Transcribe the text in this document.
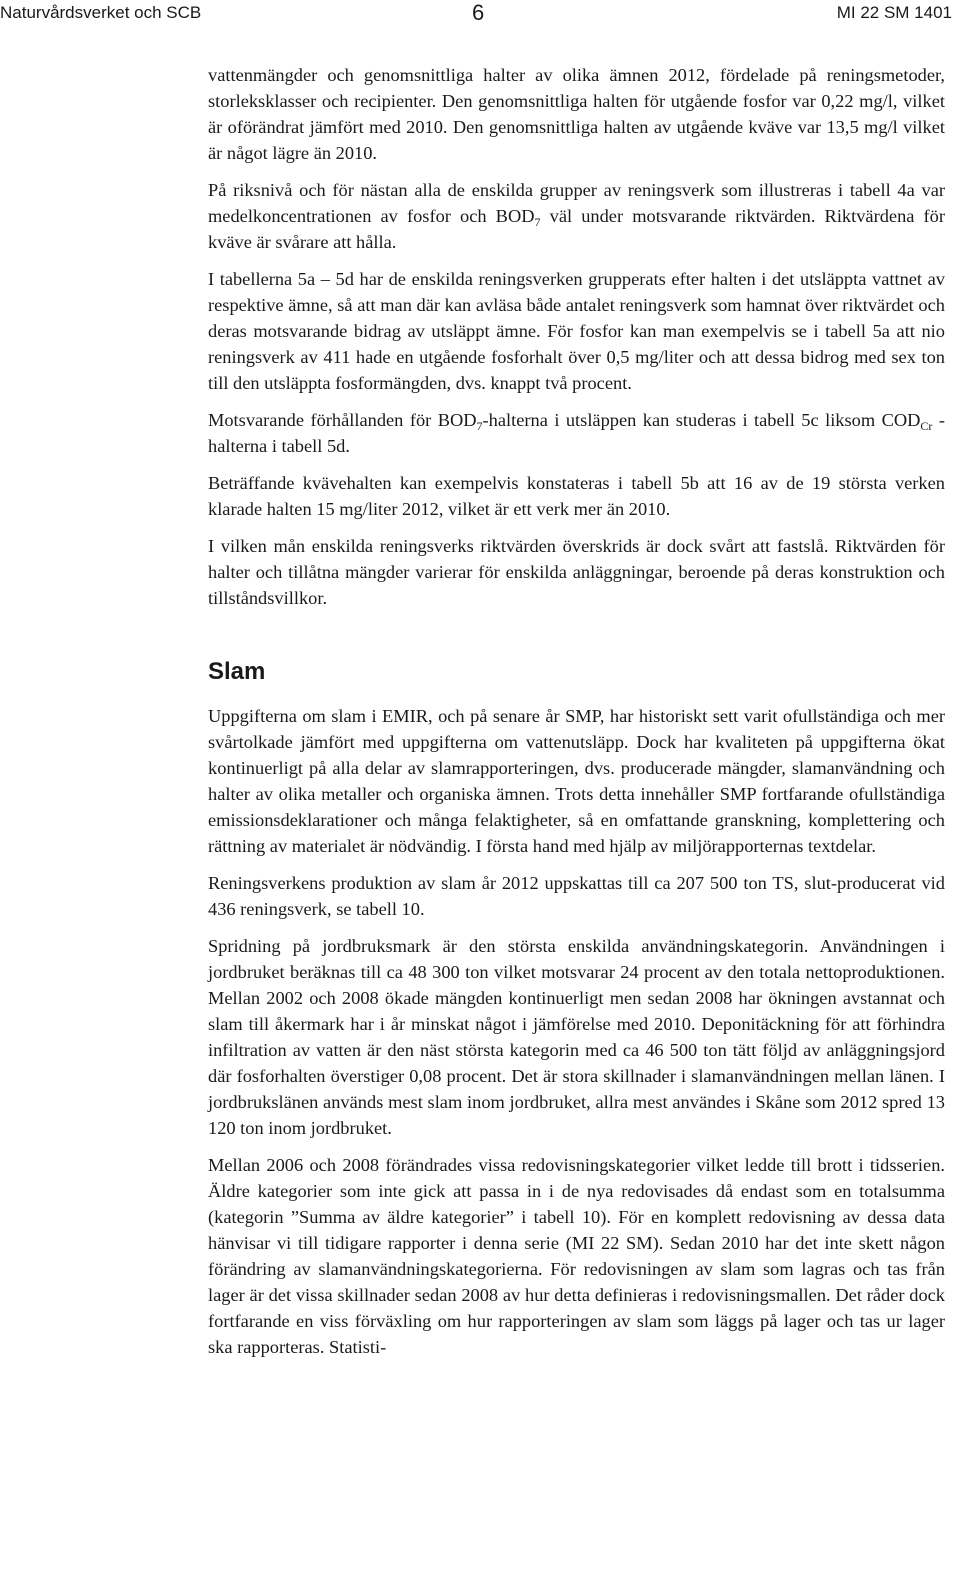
Naturvårdsverket och SCB	6	MI 22 SM 1401

vattenmängder och genomsnittliga halter av olika ämnen 2012, fördelade på reningsmetoder, storleksklasser och recipienter. Den genomsnittliga halten för utgående fosfor var 0,22 mg/l, vilket är oförändrat jämfört med 2010. Den genomsnittliga halten av utgående kväve var 13,5 mg/l vilket är något lägre än 2010.

På riksnivå och för nästan alla de enskilda grupper av reningsverk som illustreras i tabell 4a var medelkoncentrationen av fosfor och $BOD_7$ väl under motsvarande riktvärden. Riktvärdena för kväve är svårare att hålla.

I tabellerna 5a – 5d har de enskilda reningsverken grupperats efter halten i det utsläppta vattnet av respektive ämne, så att man där kan avläsa både antalet reningsverk som hamnat över riktvärdet och deras motsvarande bidrag av utsläppt ämne. För fosfor kan man exempelvis se i tabell 5a att nio reningsverk av 411 hade en utgående fosforhalt över 0,5 mg/liter och att dessa bidrog med sex ton till den utsläppta fosformängden, dvs. knappt två procent.

Motsvarande förhållanden för $BOD_7$-halterna i utsläppen kan studeras i tabell 5c liksom $COD_{Cr}$ -halterna i tabell 5d.

Beträffande kvävehalten kan exempelvis konstateras i tabell 5b att 16 av de 19 största verken klarade halten 15 mg/liter 2012, vilket är ett verk mer än 2010.

I vilken mån enskilda reningsverks riktvärden överskrids är dock svårt att fastslå. Riktvärden för halter och tillåtna mängder varierar för enskilda anläggningar, beroende på deras konstruktion och tillståndsvillkor.

Slam

Uppgifterna om slam i EMIR, och på senare år SMP, har historiskt sett varit ofullständiga och mer svårtolkade jämfört med uppgifterna om vattenutsläpp. Dock har kvaliteten på uppgifterna ökat kontinuerligt på alla delar av slamrapporteringen, dvs. producerade mängder, slamanvändning och halter av olika metaller och organiska ämnen. Trots detta innehåller SMP fortfarande ofullständiga emissionsdeklarationer och många felaktigheter, så en omfattande granskning, komplettering och rättning av materialet är nödvändig. I första hand med hjälp av miljörapporternas textdelar.

Reningsverkens produktion av slam år 2012 uppskattas till ca 207 500 ton TS, slut-producerat vid 436 reningsverk, se tabell 10.

Spridning på jordbruksmark är den största enskilda användningskategorin. Användningen i jordbruket beräknas till ca 48 300 ton vilket motsvarar 24 procent av den totala nettoproduktionen. Mellan 2002 och 2008 ökade mängden kontinuerligt men sedan 2008 har ökningen avstannat och slam till åkermark har i år minskat något i jämförelse med 2010. Deponitäckning för att förhindra infiltration av vatten är den näst största kategorin med ca 46 500 ton tätt följd av anläggningsjord där fosforhalten överstiger 0,08 procent. Det är stora skillnader i slamanvändningen mellan länen. I jordbrukslänen används mest slam inom jordbruket, allra mest användes i Skåne som 2012 spred 13 120 ton inom jordbruket.

Mellan 2006 och 2008 förändrades vissa redovisningskategorier vilket ledde till brott i tidsserien. Äldre kategorier som inte gick att passa in i de nya redovisades då endast som en totalsumma (kategorin ”Summa av äldre kategorier” i tabell 10). För en komplett redovisning av dessa data hänvisar vi till tidigare rapporter i denna serie (MI 22 SM). Sedan 2010 har det inte skett någon förändring av slamanvändningskategorierna. För redovisningen av slam som lagras och tas från lager är det vissa skillnader sedan 2008 av hur detta definieras i redovisningsmallen. Det råder dock fortfarande en viss förväxling om hur rapporteringen av slam som läggs på lager och tas ur lager ska rapporteras. Statisti-
